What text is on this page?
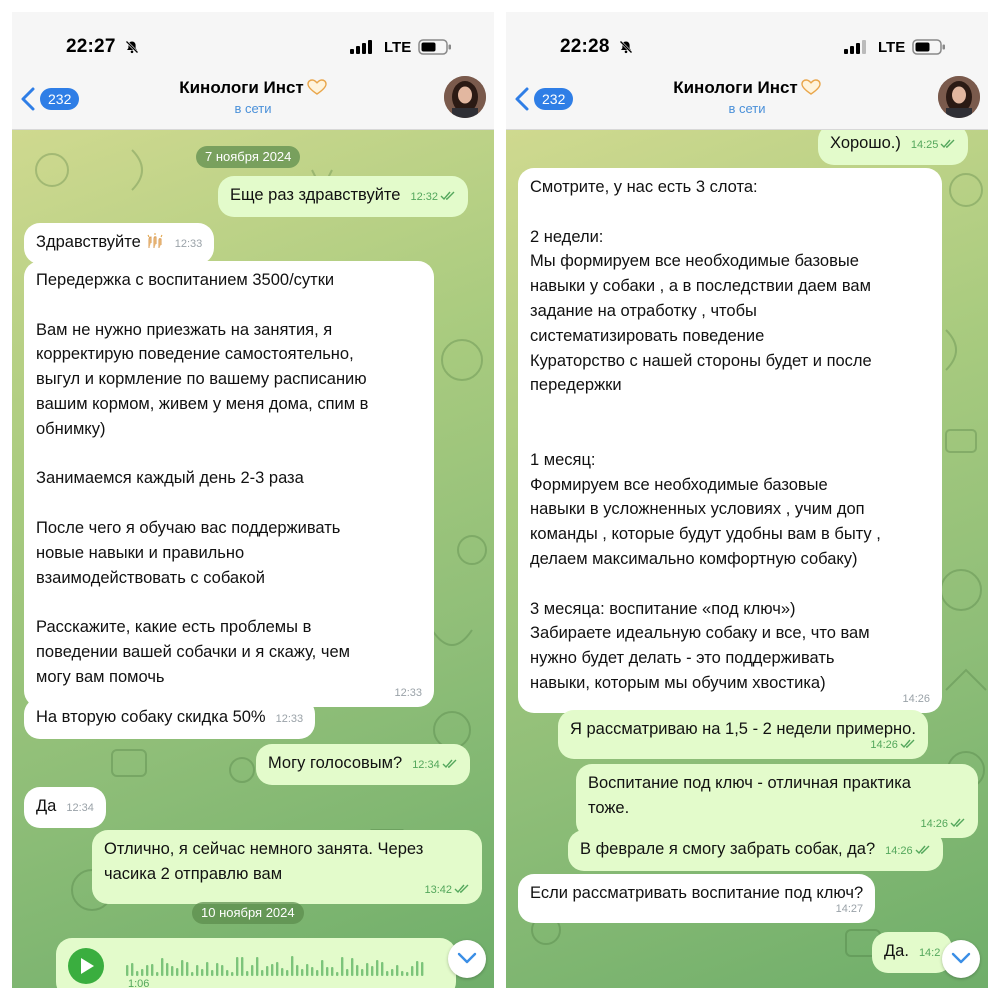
22:27	LTE
232
Кинологи Инст
в сети
7 ноября 2024
Еще раз здравствуйте 12:32
Здравствуйте	12:33
Передержка с воспитанием 3500/сутки

Вам не нужно приезжать на занятия, я
корректирую поведение самостоятельно,
выгул и кормление по вашему расписанию
вашим кормом, живем у меня дома, спим в
обнимку)

Занимаемся каждый день 2-3 раза

После чего я обучаю вас поддерживать
новые навыки и правильно
взаимодействовать с собакой

Расскажите, какие есть проблемы в
поведении вашей собачки и я скажу, чем
могу вам помочь
12:33
На вторую собаку скидка 50% 12:33
Могу голосовым? 12:34
Да 12:34
Отлично, я сейчас немного занята. Через
часика 2 отправлю вам
13:42
10 ноября 2024
1:06
22:28	LTE
232
Кинологи Инст
в сети
Хорошо.) 14:25
Смотрите, у нас есть 3 слота:

2 недели:
Мы формируем все необходимые базовые
навыки у собаки , а в последствии даем вам
задание на отработку , чтобы
систематизировать поведение
Кураторство с нашей стороны будет и после
передержки

1 месяц:
Формируем все необходимые базовые
навыки в усложненных условиях , учим доп
команды , которые будут удобны вам в быту ,
делаем максимально комфортную собаку)

3 месяца: воспитание «под ключ»)
Забираете идеальную собаку и все, что вам
нужно будет делать - это поддерживать
навыки, которым мы обучим хвостика)
14:26
Я рассматриваю на 1,5 - 2 недели примерно.
14:26
Воспитание под ключ - отличная практика
тоже.
14:26
В феврале я смогу забрать собак, да? 14:26
Если рассматривать воспитание под ключ?
14:27
Да. 14:2
